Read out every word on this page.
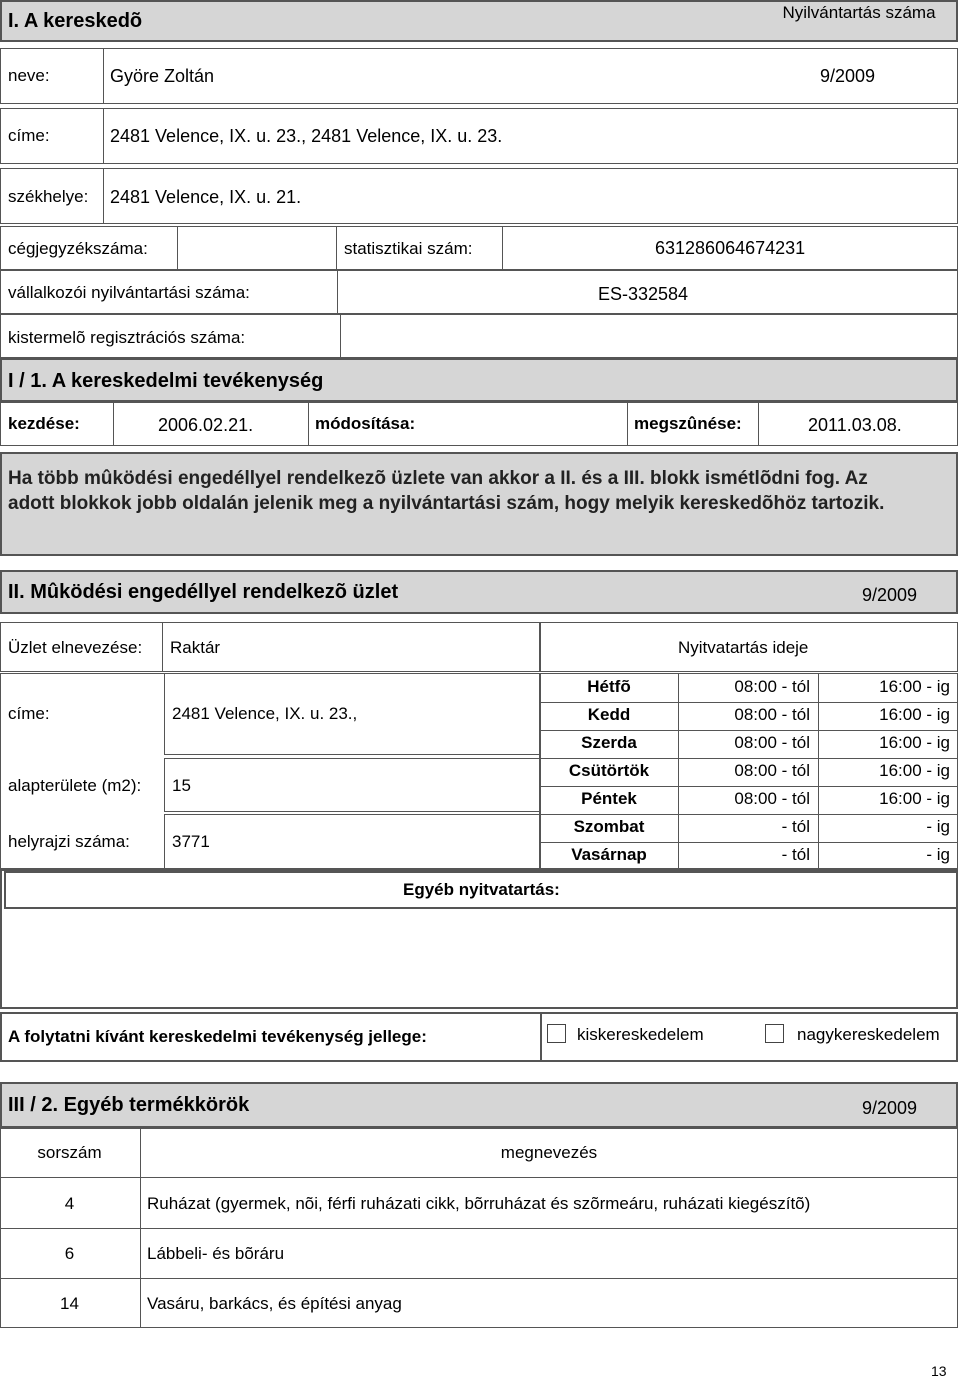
I. A kereskedõ	Nyilvántartás száma
neve:	Györe Zoltán	9/2009
címe:	2481 Velence, IX. u. 23., 2481 Velence, IX. u. 23.
székhelye: 2481 Velence, IX. u. 21.
cégjegyzékszáma:	statisztikai szám:	631286064674231
vállalkozói nyilvántartási száma:	ES-332584
kistermelõ regisztrációs száma:
I / 1. A kereskedelmi tevékenység
kezdése:	2006.02.21.	módosítása:	megszûnése:	2011.03.08.
Ha több mûködési engedéllyel rendelkezõ üzlete van akkor a II. és a III. blokk ismétlõdni fog. Az adott blokkok jobb oldalán jelenik meg a nyilvántartási szám, hogy melyik kereskedõhöz tartozik.
II. Mûködési engedéllyel rendelkezõ üzlet	9/2009
Üzlet elnevezése: Raktár	Nyitvatartás ideje
címe:	2481 Velence, IX. u. 23.,
alapterülete (m2): 15
helyrajzi száma: 3771
Hétfõ	08:00 - tól	16:00 - ig
Kedd	08:00 - tól	16:00 - ig
Szerda	08:00 - tól	16:00 - ig
Csütörtök	08:00 - tól	16:00 - ig
Péntek	08:00 - tól	16:00 - ig
Szombat	- tól	- ig
Vasárnap	- tól	- ig
Egyéb nyitvatartás:
A folytatni kívánt kereskedelmi tevékenység jellege:	kiskereskedelem	nagykereskedelem
III / 2. Egyéb termékkörök	9/2009
sorszám	megnevezés
4	Ruházat (gyermek, nõi, férfi ruházati cikk, bõrruházat és szõrmeáru, ruházati kiegészítõ)
6	Lábbeli- és bõráru
14	Vasáru, barkács, és építési anyag
13
